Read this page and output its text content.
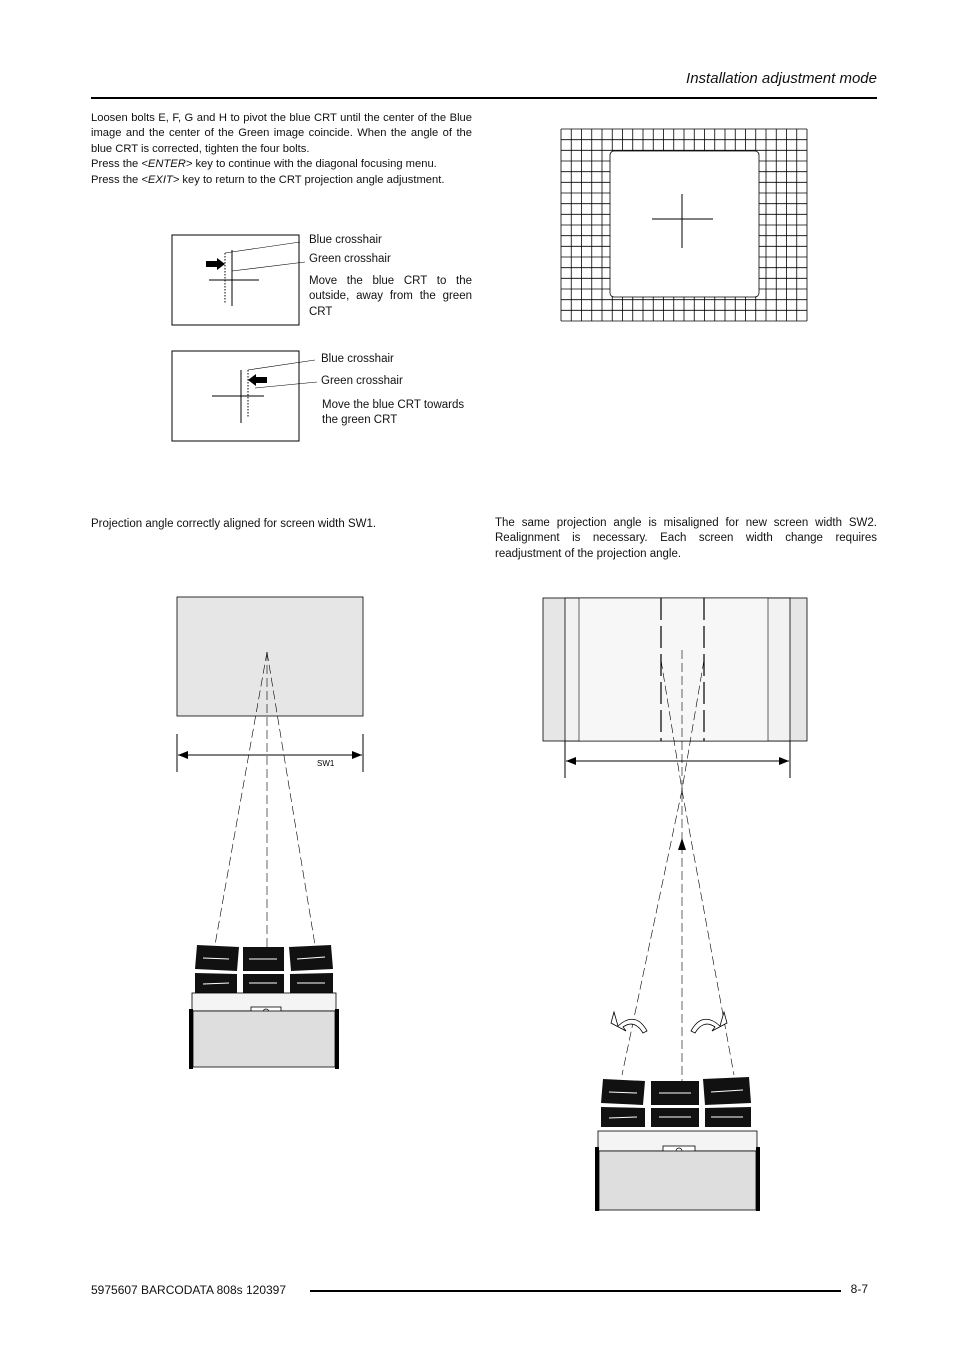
Installation adjustment mode

Loosen bolts E, F, G and H to pivot the blue CRT until the center of the Blue image and the center of the Green image coincide. When the angle of the blue CRT is corrected, tighten the four bolts.

Press the <ENTER> key to continue with the diagonal focusing menu.

Press the <EXIT> key to return to the CRT projection angle adjustment.

Blue crosshair
Green crosshair
Move the blue CRT to the outside, away from the green CRT
Blue crosshair
Green crosshair
Move the blue CRT towards the green CRT
Projection angle correctly aligned for screen width SW1.	The same projection angle is misaligned for new screen width SW2. Realignment is necessary. Each screen width change requires readjustment of the projection angle.
SW1
5975607 BARCODATA 808s 120397	8-7
